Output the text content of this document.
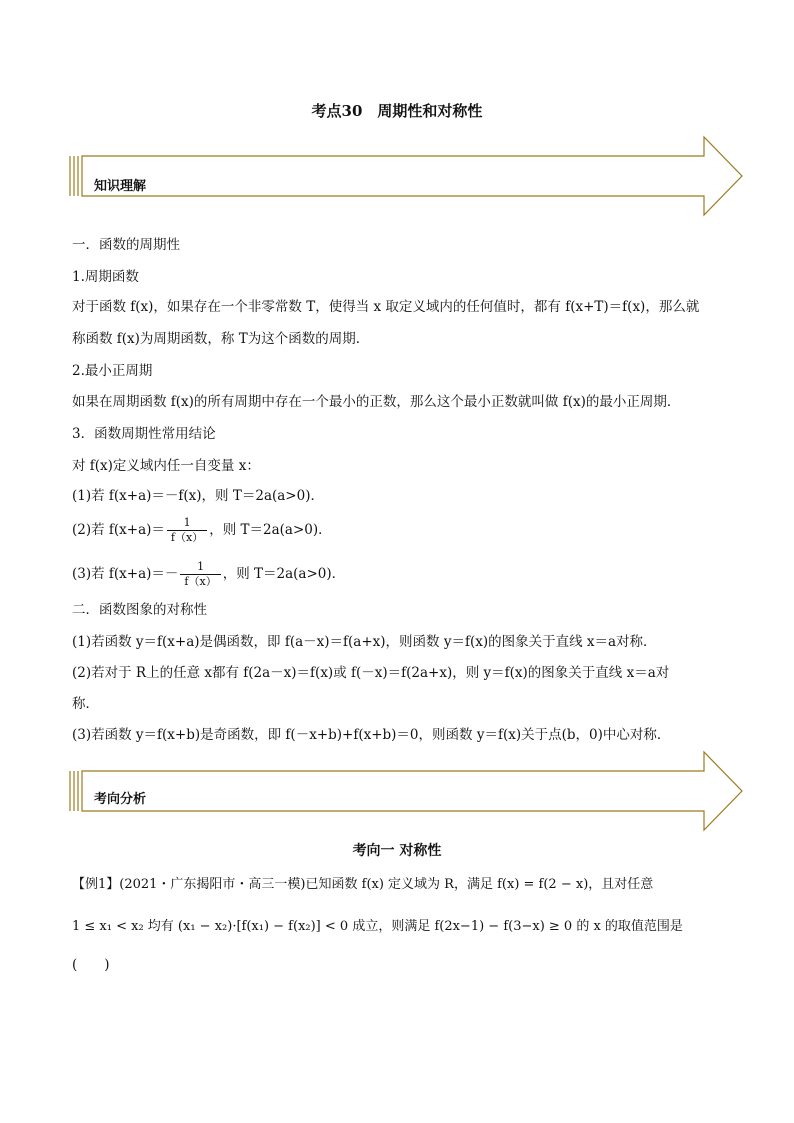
考点30　周期性和对称性
知识理解
一．函数的周期性
1.周期函数
对于函数 f(x)，如果存在一个非零常数 T，使得当 x 取定义域内的任何值时，都有 f(x+T)＝f(x)，那么就
称函数 f(x)为周期函数，称 T为这个函数的周期．
2.最小正周期
如果在周期函数 f(x)的所有周期中存在一个最小的正数，那么这个最小正数就叫做 f(x)的最小正周期．
3．函数周期性常用结论
对 f(x)定义域内任一自变量 x：
(1)若 f(x+a)＝－f(x)，则 T＝2a(a>0)．
(2)若 $f(x+a)= \frac{1}{f(x)}$ ，则 T＝2a(a>0)．
(3)若 $f(x+a)=- \frac{1}{f(x)}$ ，则 T＝2a(a>0)．
二．函数图象的对称性
(1)若函数 y＝f(x+a)是偶函数，即 f(a－x)＝f(a+x)，则函数 y＝f(x)的图象关于直线 x＝a对称．
(2)若对于 R上的任意 x都有 f(2a－x)＝f(x)或 f(－x)＝f(2a+x)，则 y＝f(x)的图象关于直线 x＝a对
称．
(3)若函数 y＝f(x+b)是奇函数，即 f(－x+b)+f(x+b)＝0，则函数 y＝f(x)关于点(b，0)中心对称．
考向分析
考向一 对称性
【例1】(2021・广东揭阳市・高三一模)已知函数 f(x) 定义域为 R，满足 f(x) = f(2 − x)，且对任意
1 ≤ x₁ < x₂ 均有 (x₁ − x₂)·[f(x₁) − f(x₂)] < 0 成立，则满足 f(2x−1) − f(3−x) ≥ 0 的 x 的取值范围是
(　　)
